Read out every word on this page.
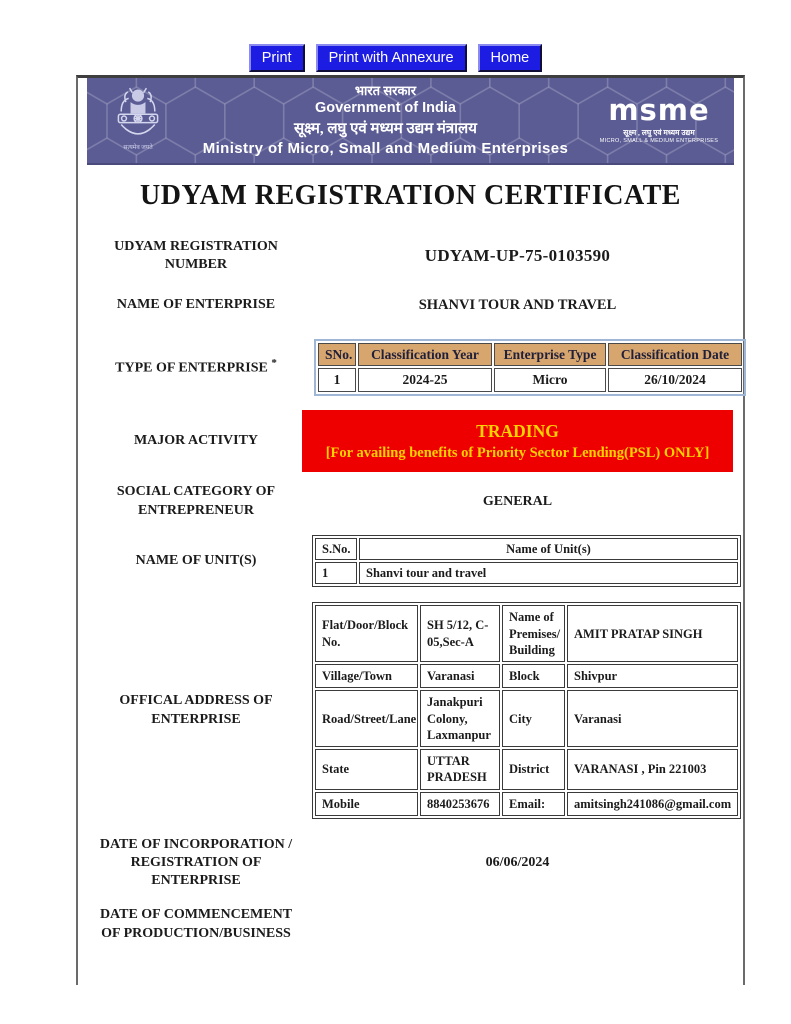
Print	Print with Annexure	Home
सत्यमेव जयते
भारत सरकार
Government of India
सूक्ष्म, लघु एवं मध्यम उद्यम मंत्रालय
Ministry of Micro, Small and Medium Enterprises
msme
सूक्ष्म , लघु एवं मध्यम उद्यम
MICRO, SMALL & MEDIUM ENTERPRISES
UDYAM REGISTRATION CERTIFICATE
UDYAM REGISTRATION NUMBER	UDYAM-UP-75-0103590
NAME OF ENTERPRISE	SHANVI TOUR AND TRAVEL
TYPE OF ENTERPRISE *
SNo.	Classification Year	Enterprise Type	Classification Date
1	2024-25	Micro	26/10/2024
MAJOR ACTIVITY	TRADING
[For availing benefits of Priority Sector Lending(PSL) ONLY]
SOCIAL CATEGORY OF ENTREPRENEUR
GENERAL
NAME OF UNIT(S)
S.No.	Name of Unit(s)
1	Shanvi tour and travel
OFFICAL ADDRESS OF ENTERPRISE
Flat/Door/Block No.	SH 5/12, C-05,Sec-A	Name of Premises/ Building	AMIT PRATAP SINGH
Village/Town	Varanasi	Block	Shivpur
Road/Street/Lane	Janakpuri Colony, Laxmanpur	City	Varanasi
State	UTTAR PRADESH	District	VARANASI , Pin 221003
Mobile	8840253676	Email:	amitsingh241086@gmail.com
DATE OF INCORPORATION / REGISTRATION OF ENTERPRISE
06/06/2024
DATE OF COMMENCEMENT OF PRODUCTION/BUSINESS
